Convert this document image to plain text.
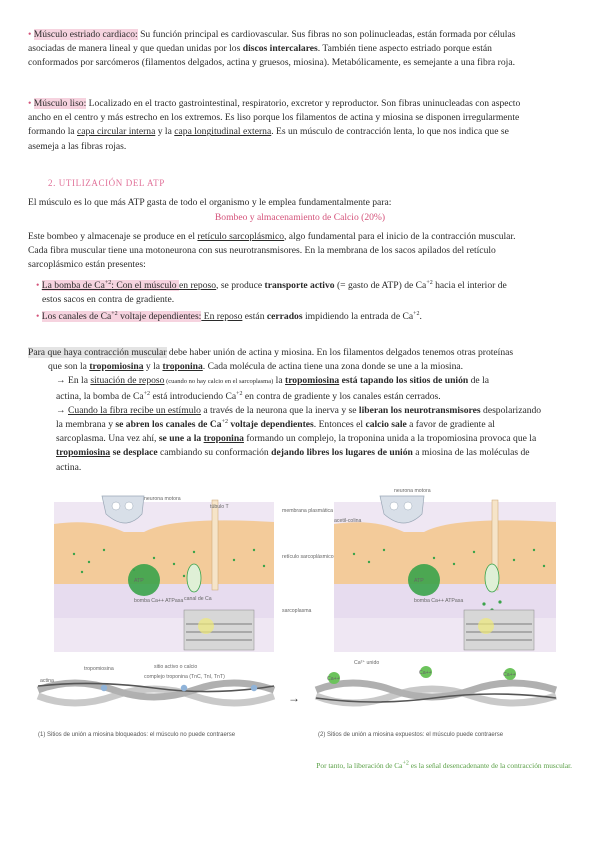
• Músculo estriado cardiaco: Su función principal es cardiovascular. Sus fibras no son polinucleadas, están formada por células

asociadas de manera lineal y que quedan unidas por los discos intercalares. También tiene aspecto estriado porque están

conformados por sarcómeros (filamentos delgados, actina y gruesos, miosina). Metabólicamente, es semejante a una fibra roja.

• Músculo liso: Localizado en el tracto gastrointestinal, respiratorio, excretor y reproductor. Son fibras uninucleadas con aspecto

ancho en el centro y más estrecho en los extremos. Es liso porque los filamentos de actina y miosina se disponen irregularmente

formando la capa circular interna y la capa longitudinal externa. Es un músculo de contracción lenta, lo que nos indica que se

asemeja a las fibras rojas.

2. UTILIZACIÓN DEL ATP
El músculo es lo que más ATP gasta de todo el organismo y le emplea fundamentalmente para:
Bombeo y almacenamiento de Calcio (20%)

Este bombeo y almacenaje se produce en el retículo sarcoplásmico, algo fundamental para el inicio de la contracción muscular.

Cada fibra muscular tiene una motoneurona con sus neurotransmisores. En la membrana de los sacos apilados del retículo

sarcoplásmico están presentes:

• La bomba de $Ca^{+2}$: Con el músculo en reposo, se produce transporte activo (= gasto de ATP) de $Ca^{+2}$ hacia el interior de

estos sacos en contra de gradiente.

• Los canales de $Ca^{+2}$ voltaje dependientes: En reposo están cerrados impidiendo la entrada de $Ca^{+2}$.

Para que haya contracción muscular debe haber unión de actina y miosina. En los filamentos delgados tenemos otras proteínas

que son la tropomiosina y la troponina. Cada molécula de actina tiene una zona donde se une a la miosina.

→ En la situación de reposo (cuando no hay calcio en el sarcoplasma) la tropomiosina está tapando los sitios de unión de la

actina, la bomba de $Ca^{+2}$ está introduciendo $Ca^{+2}$ en contra de gradiente y los canales están cerrados.

→ Cuando la fibra recibe un estímulo a través de la neurona que la inerva y se liberan los neurotransmisores despolarizando

la membrana y se abren los canales de $Ca^{+2}$ voltaje dependientes. Entonces el calcio sale a favor de gradiente al

sarcoplasma. Una vez ahí, se une a la troponina formando un complejo, la troponina unida a la tropomiosina provoca que la

tropomiosina se desplace cambiando su conformación dejando libres los lugares de unión a miosina de las moléculas de

actina.

ATP
neurona motora
túbulo T
bomba Ca++ ATPasa canal de Ca
membrana plasmática
retículo sarcoplásmico
sarcoplasma
ATP
neurona motora
acetil-colina
bomba Ca++ ATPasa
tropomiosina	sitio activo o calcio
actina
complejo troponina (TnC, TnI, TnT)
(1) Sitios de unión a miosina bloqueados: el músculo no puede contraerse
→
Ca++
Ca++	Ca++
Ca²⁺ unido
(2) Sitios de unión a miosina expuestos: el músculo puede contraerse
Por tanto, la liberación de $Ca^{+2}$ es la señal desencadenante de la contracción muscular.
